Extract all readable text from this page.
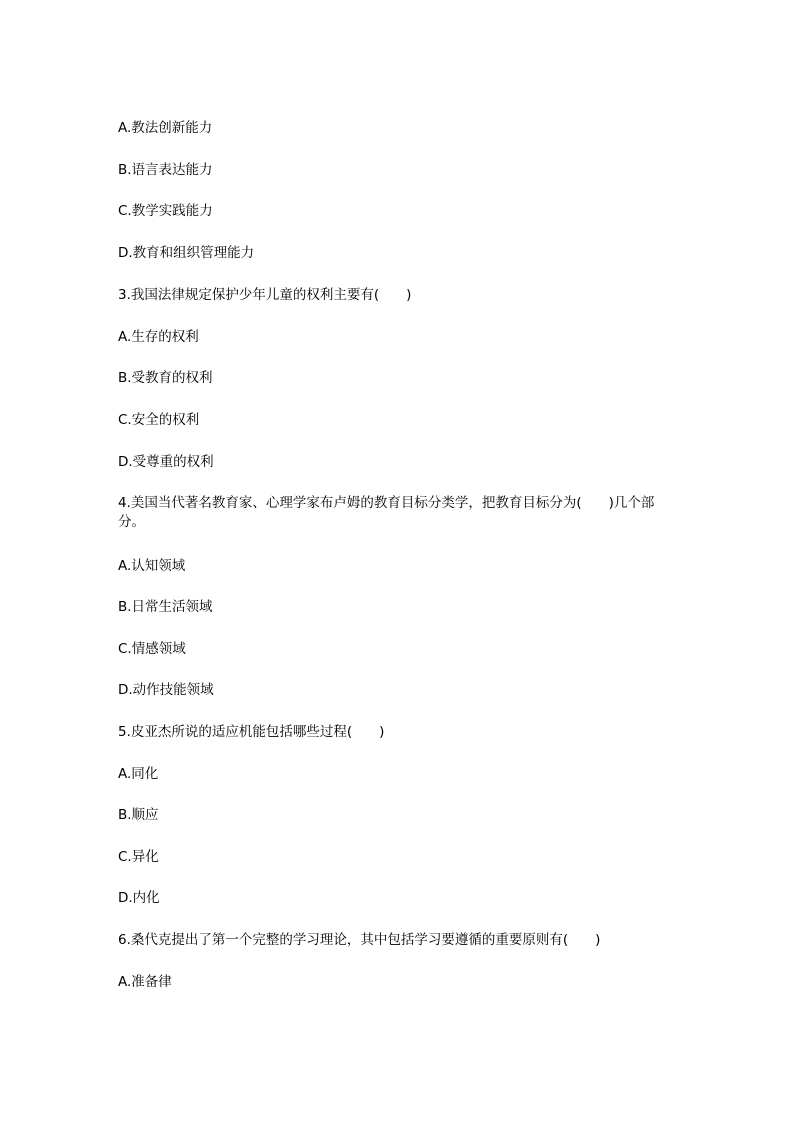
A.教法创新能力
B.语言表达能力
C.教学实践能力
D.教育和组织管理能力
3.我国法律规定保护少年儿童的权利主要有(　　)
A.生存的权利
B.受教育的权利
C.安全的权利
D.受尊重的权利
4.美国当代著名教育家、心理学家布卢姆的教育目标分类学，把教育目标分为(　　)几个部分。
A.认知领域
B.日常生活领域
C.情感领域
D.动作技能领域
5.皮亚杰所说的适应机能包括哪些过程(　　)
A.同化
B.顺应
C.异化
D.内化
6.桑代克提出了第一个完整的学习理论，其中包括学习要遵循的重要原则有(　　)
A.准备律
